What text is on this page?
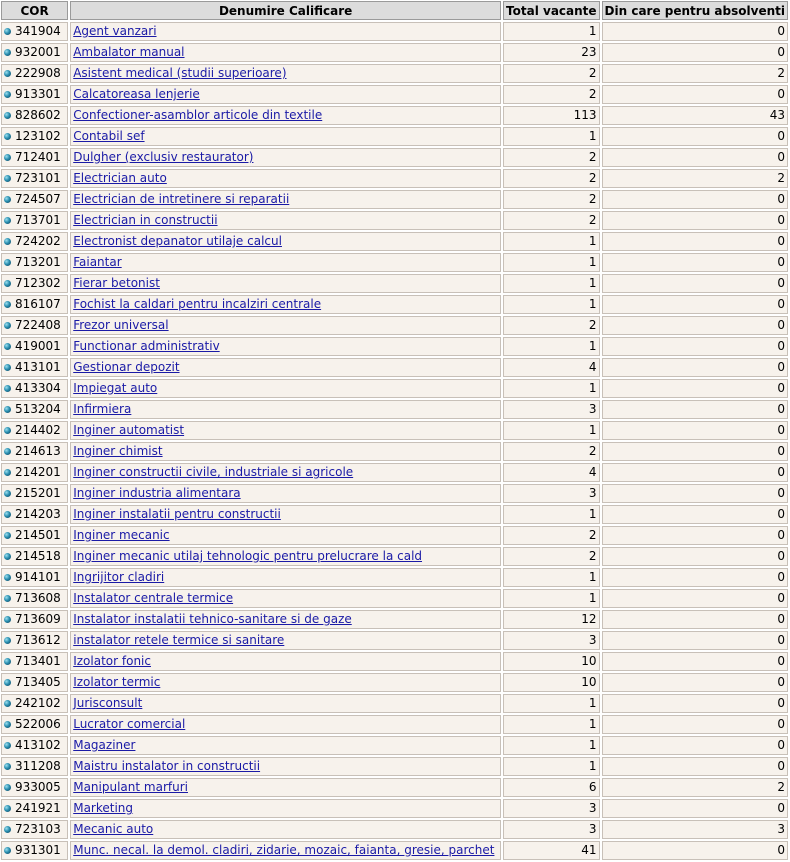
COR	Denumire Calificare	Total vacante	Din care pentru absolventi
341904	Agent vanzari	1	0
932001	Ambalator manual	23	0
222908	Asistent medical (studii superioare)	2	2
913301	Calcatoreasa lenjerie	2	0
828602	Confectioner-asamblor articole din textile	113	43
123102	Contabil sef	1	0
712401	Dulgher (exclusiv restaurator)	2	0
723101	Electrician auto	2	2
724507	Electrician de intretinere si reparatii	2	0
713701	Electrician in constructii	2	0
724202	Electronist depanator utilaje calcul	1	0
713201	Faiantar	1	0
712302	Fierar betonist	1	0
816107	Fochist la caldari pentru incalziri centrale	1	0
722408	Frezor universal	2	0
419001	Functionar administrativ	1	0
413101	Gestionar depozit	4	0
413304	Impiegat auto	1	0
513204	Infirmiera	3	0
214402	Inginer automatist	1	0
214613	Inginer chimist	2	0
214201	Inginer constructii civile, industriale si agricole	4	0
215201	Inginer industria alimentara	3	0
214203	Inginer instalatii pentru constructii	1	0
214501	Inginer mecanic	2	0
214518	Inginer mecanic utilaj tehnologic pentru prelucrare la cald	2	0
914101	Ingrijitor cladiri	1	0
713608	Instalator centrale termice	1	0
713609	Instalator instalatii tehnico-sanitare si de gaze	12	0
713612	instalator retele termice si sanitare	3	0
713401	Izolator fonic	10	0
713405	Izolator termic	10	0
242102	Jurisconsult	1	0
522006	Lucrator comercial	1	0
413102	Magaziner	1	0
311208	Maistru instalator in constructii	1	0
933005	Manipulant marfuri	6	2
241921	Marketing	3	0
723103	Mecanic auto	3	3
931301	Munc. necal. la demol. cladiri, zidarie, mozaic, faianta, gresie, parchet	41	0
